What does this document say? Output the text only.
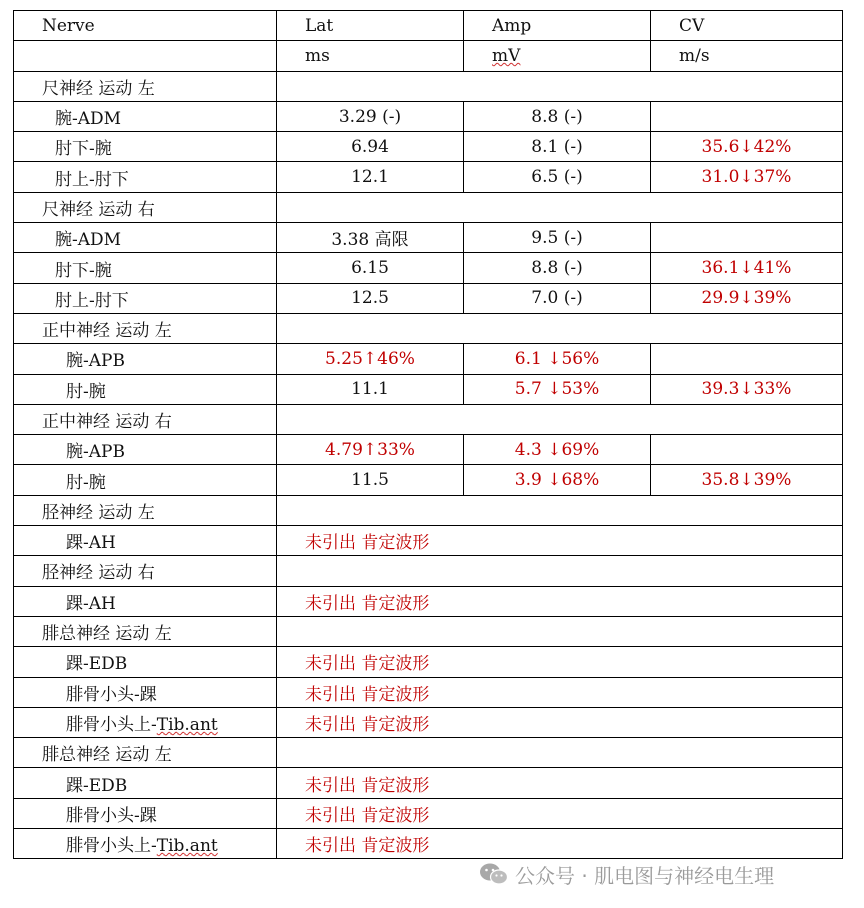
Nerve	Lat	Amp	CV
	ms	mV	m/s
尺神经 运动 左			
腕-ADM	3.29 (-)	8.8 (-)	
肘下-腕	6.94	8.1 (-)	35.6↓42%
肘上-肘下	12.1	6.5 (-)	31.0↓37%
尺神经 运动 右			
腕-ADM	3.38 高限	9.5 (-)	
肘下-腕	6.15	8.8 (-)	36.1↓41%
肘上-肘下	12.5	7.0 (-)	29.9↓39%
正中神经 运动 左			
腕-APB	5.25↑46%	6.1 ↓56%	
肘-腕	11.1	5.7 ↓53%	39.3↓33%
正中神经 运动 右			
腕-APB	4.79↑33%	4.3 ↓69%	
肘-腕	11.5	3.9 ↓68%	35.8↓39%
胫神经 运动 左			
踝-AH	未引出 肯定波形		
胫神经 运动 右			
踝-AH	未引出 肯定波形		
腓总神经 运动 左			
踝-EDB	未引出 肯定波形		
腓骨小头-踝	未引出 肯定波形		
腓骨小头上-Tib.ant	未引出 肯定波形		
腓总神经 运动 左			
踝-EDB	未引出 肯定波形		
腓骨小头-踝	未引出 肯定波形		
腓骨小头上-Tib.ant	未引出 肯定波形		
公众号 · 肌电图与神经电生理
